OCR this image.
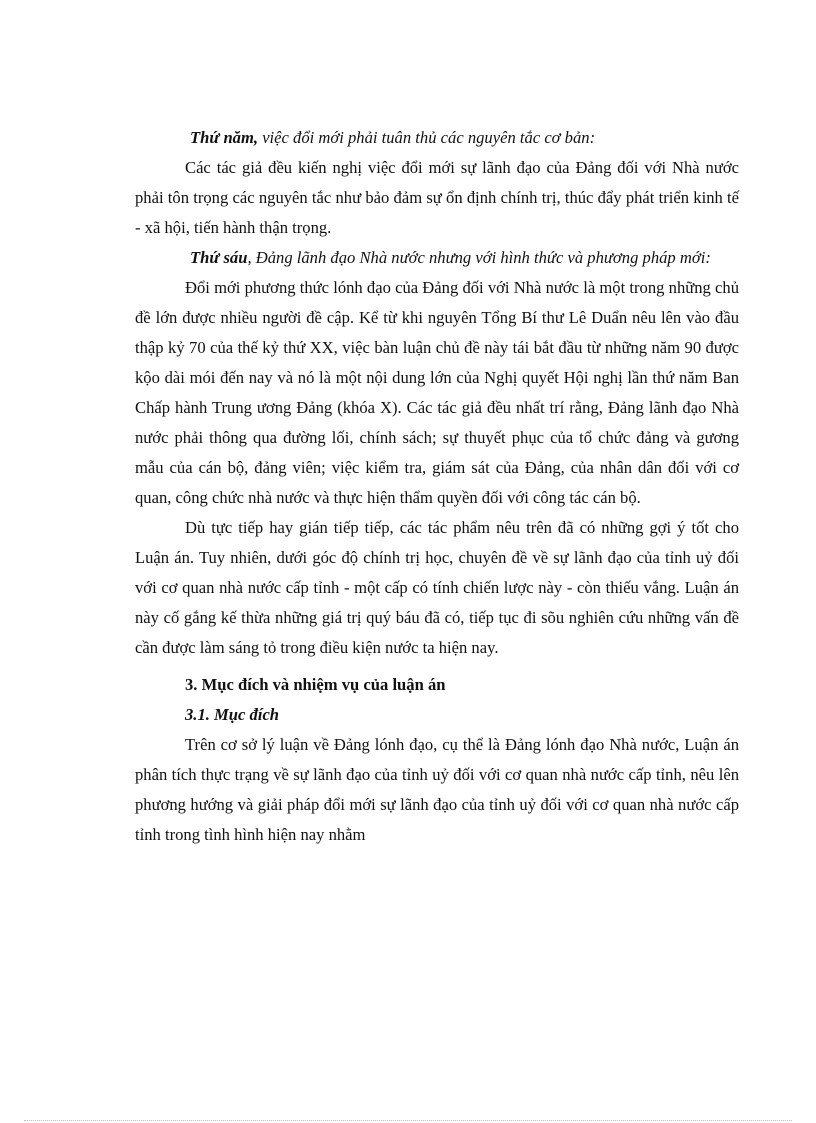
Thứ năm, việc đổi mới phải tuân thủ các nguyên tắc cơ bản:

Các tác giả đều kiến nghị việc đổi mới sự lãnh đạo của Đảng đối với Nhà nước phải tôn trọng các nguyên tắc như bảo đảm sự ổn định chính trị, thúc đẩy phát triển kinh tế - xã hội, tiến hành thận trọng.

Thứ sáu, Đảng lãnh đạo Nhà nước nhưng với hình thức và phương pháp mới:

Đổi mới phương thức lónh đạo của Đảng đối với Nhà nước là một trong những chủ đề lớn được nhiều người đề cập. Kể từ khi nguyên Tổng Bí thư Lê Duẩn nêu lên vào đầu thập kỷ 70 của thế kỷ thứ XX, việc bàn luận chủ đề này tái bắt đầu từ những năm 90 được kộo dài mói đến nay và nó là một nội dung lớn của Nghị quyết Hội nghị lần thứ năm Ban Chấp hành Trung ương Đảng (khóa X). Các tác giả đều nhất trí rằng, Đảng lãnh đạo Nhà nước phải thông qua đường lối, chính sách; sự thuyết phục của tổ chức đảng và gương mẫu của cán bộ, đảng viên; việc kiểm tra, giám sát của Đảng, của nhân dân đối với cơ quan, công chức nhà nước và thực hiện thẩm quyền đối với công tác cán bộ.

Dù tực tiếp hay gián tiếp tiếp, các tác phẩm nêu trên đã có những gợi ý tốt cho Luận án. Tuy nhiên, dưới góc độ chính trị học, chuyên đề về sự lãnh đạo của tỉnh uỷ đối với cơ quan nhà nước cấp tỉnh - một cấp có tính chiến lược này - còn thiếu vắng. Luận án này cố gắng kế thừa những giá trị quý báu đã có, tiếp tục đi sõu nghiên cứu những vấn đề cần được làm sáng tỏ trong điều kiện nước ta hiện nay.

3. Mục đích và nhiệm vụ của luận án

3.1. Mục đích

Trên cơ sở lý luận về Đảng lónh đạo, cụ thể là Đảng lónh đạo Nhà nước, Luận án phân tích thực trạng về sự lãnh đạo của tỉnh uỷ đối với cơ quan nhà nước cấp tỉnh, nêu lên phương hướng và giải pháp đổi mới sự lãnh đạo của tỉnh uỷ đối với cơ quan nhà nước cấp tỉnh trong tình hình hiện nay nhằm
